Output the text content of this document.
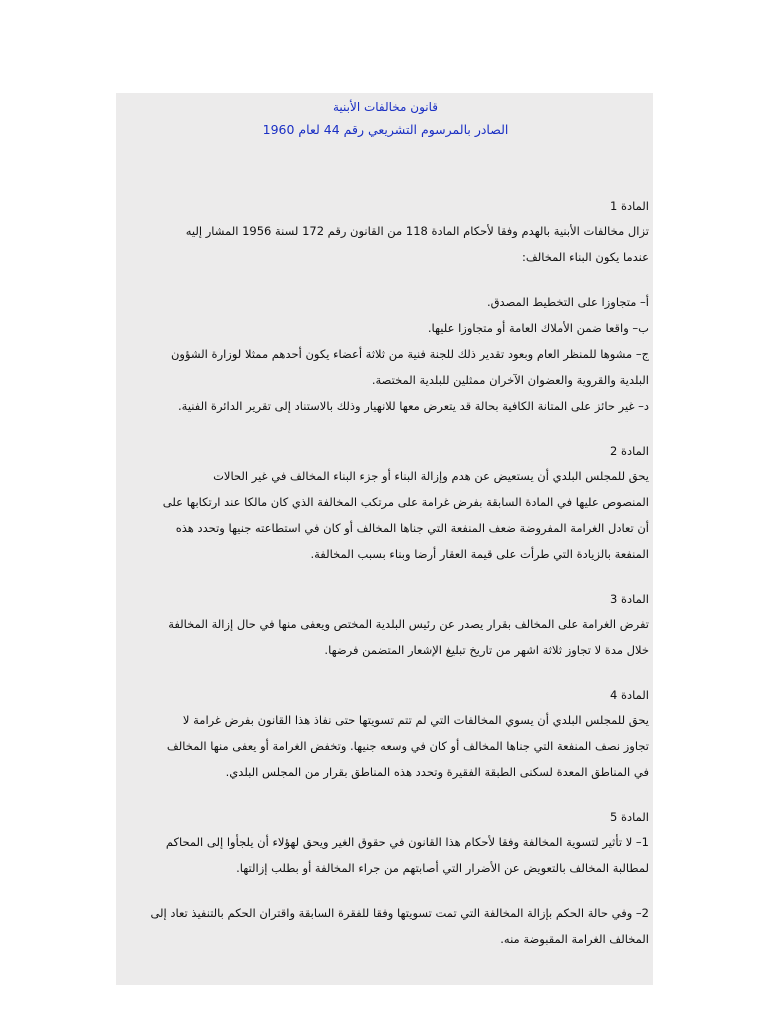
قانون مخالفات الأبنية

الصادر بالمرسوم التشريعي رقم 44 لعام 1960

المادة 1

تزال مخالفات الأبنية بالهدم وفقا لأحكام المادة 118 من القانون رقم 172 لسنة 1956 المشار إليه

عندما يكون البناء المخالف:

أ– متجاوزا على التخطيط المصدق.

ب– واقعا ضمن الأملاك العامة أو متجاوزا عليها.

ج– مشوها للمنظر العام وبعود تقدير ذلك للجنة فنية من ثلاثة أعضاء يكون أحدهم ممثلا لوزارة الشؤون

البلدية والقروية والعضوان الآخران ممثلين للبلدية المختصة.

د– غير حائز على المتانة الكافية بحالة قد يتعرض معها للانهيار وذلك بالاستناد إلى تقرير الدائرة الفنية.

المادة 2

يحق للمجلس البلدي أن يستعيض عن هدم وإزالة البناء أو جزء البناء المخالف في غير الحالات

المنصوص عليها في المادة السابقة بفرض غرامة على مرتكب المخالفة الذي كان مالكا عند ارتكابها على

أن تعادل الغرامة المفروضة ضعف المنفعة التي جناها المخالف أو كان في استطاعته جنيها وتحدد هذه

المنفعة بالزيادة التي طرأت على قيمة العقار أرضا وبناء بسبب المخالفة.

المادة 3

تفرض الغرامة على المخالف بقرار يصدر عن رئيس البلدية المختص ويعفى منها في حال إزالة المخالفة

خلال مدة لا تجاوز ثلاثة اشهر من تاريخ تبليغ الإشعار المتضمن فرضها.

المادة 4

يحق للمجلس البلدي أن يسوي المخالفات التي لم تتم تسويتها حتى نفاذ هذا القانون بفرض غرامة لا

تجاوز نصف المنفعة التي جناها المخالف أو كان في وسعه جنيها. وتخفض الغرامة أو يعفى منها المخالف

في المناطق المعدة لسكنى الطبقة الفقيرة وتحدد هذه المناطق بقرار من المجلس البلدي.

المادة 5

1– لا تأثير لتسوية المخالفة وفقا لأحكام هذا القانون في حقوق الغير ويحق لهؤلاء أن يلجأوا إلى المحاكم

لمطالبة المخالف بالتعويض عن الأضرار التي أصابتهم من جراء المخالفة أو بطلب إزالتها.

2– وفي حالة الحكم بإزالة المخالفة التي تمت تسويتها وفقا للفقرة السابقة واقتران الحكم بالتنفيذ تعاد إلى

المخالف الغرامة المقبوضة منه.
